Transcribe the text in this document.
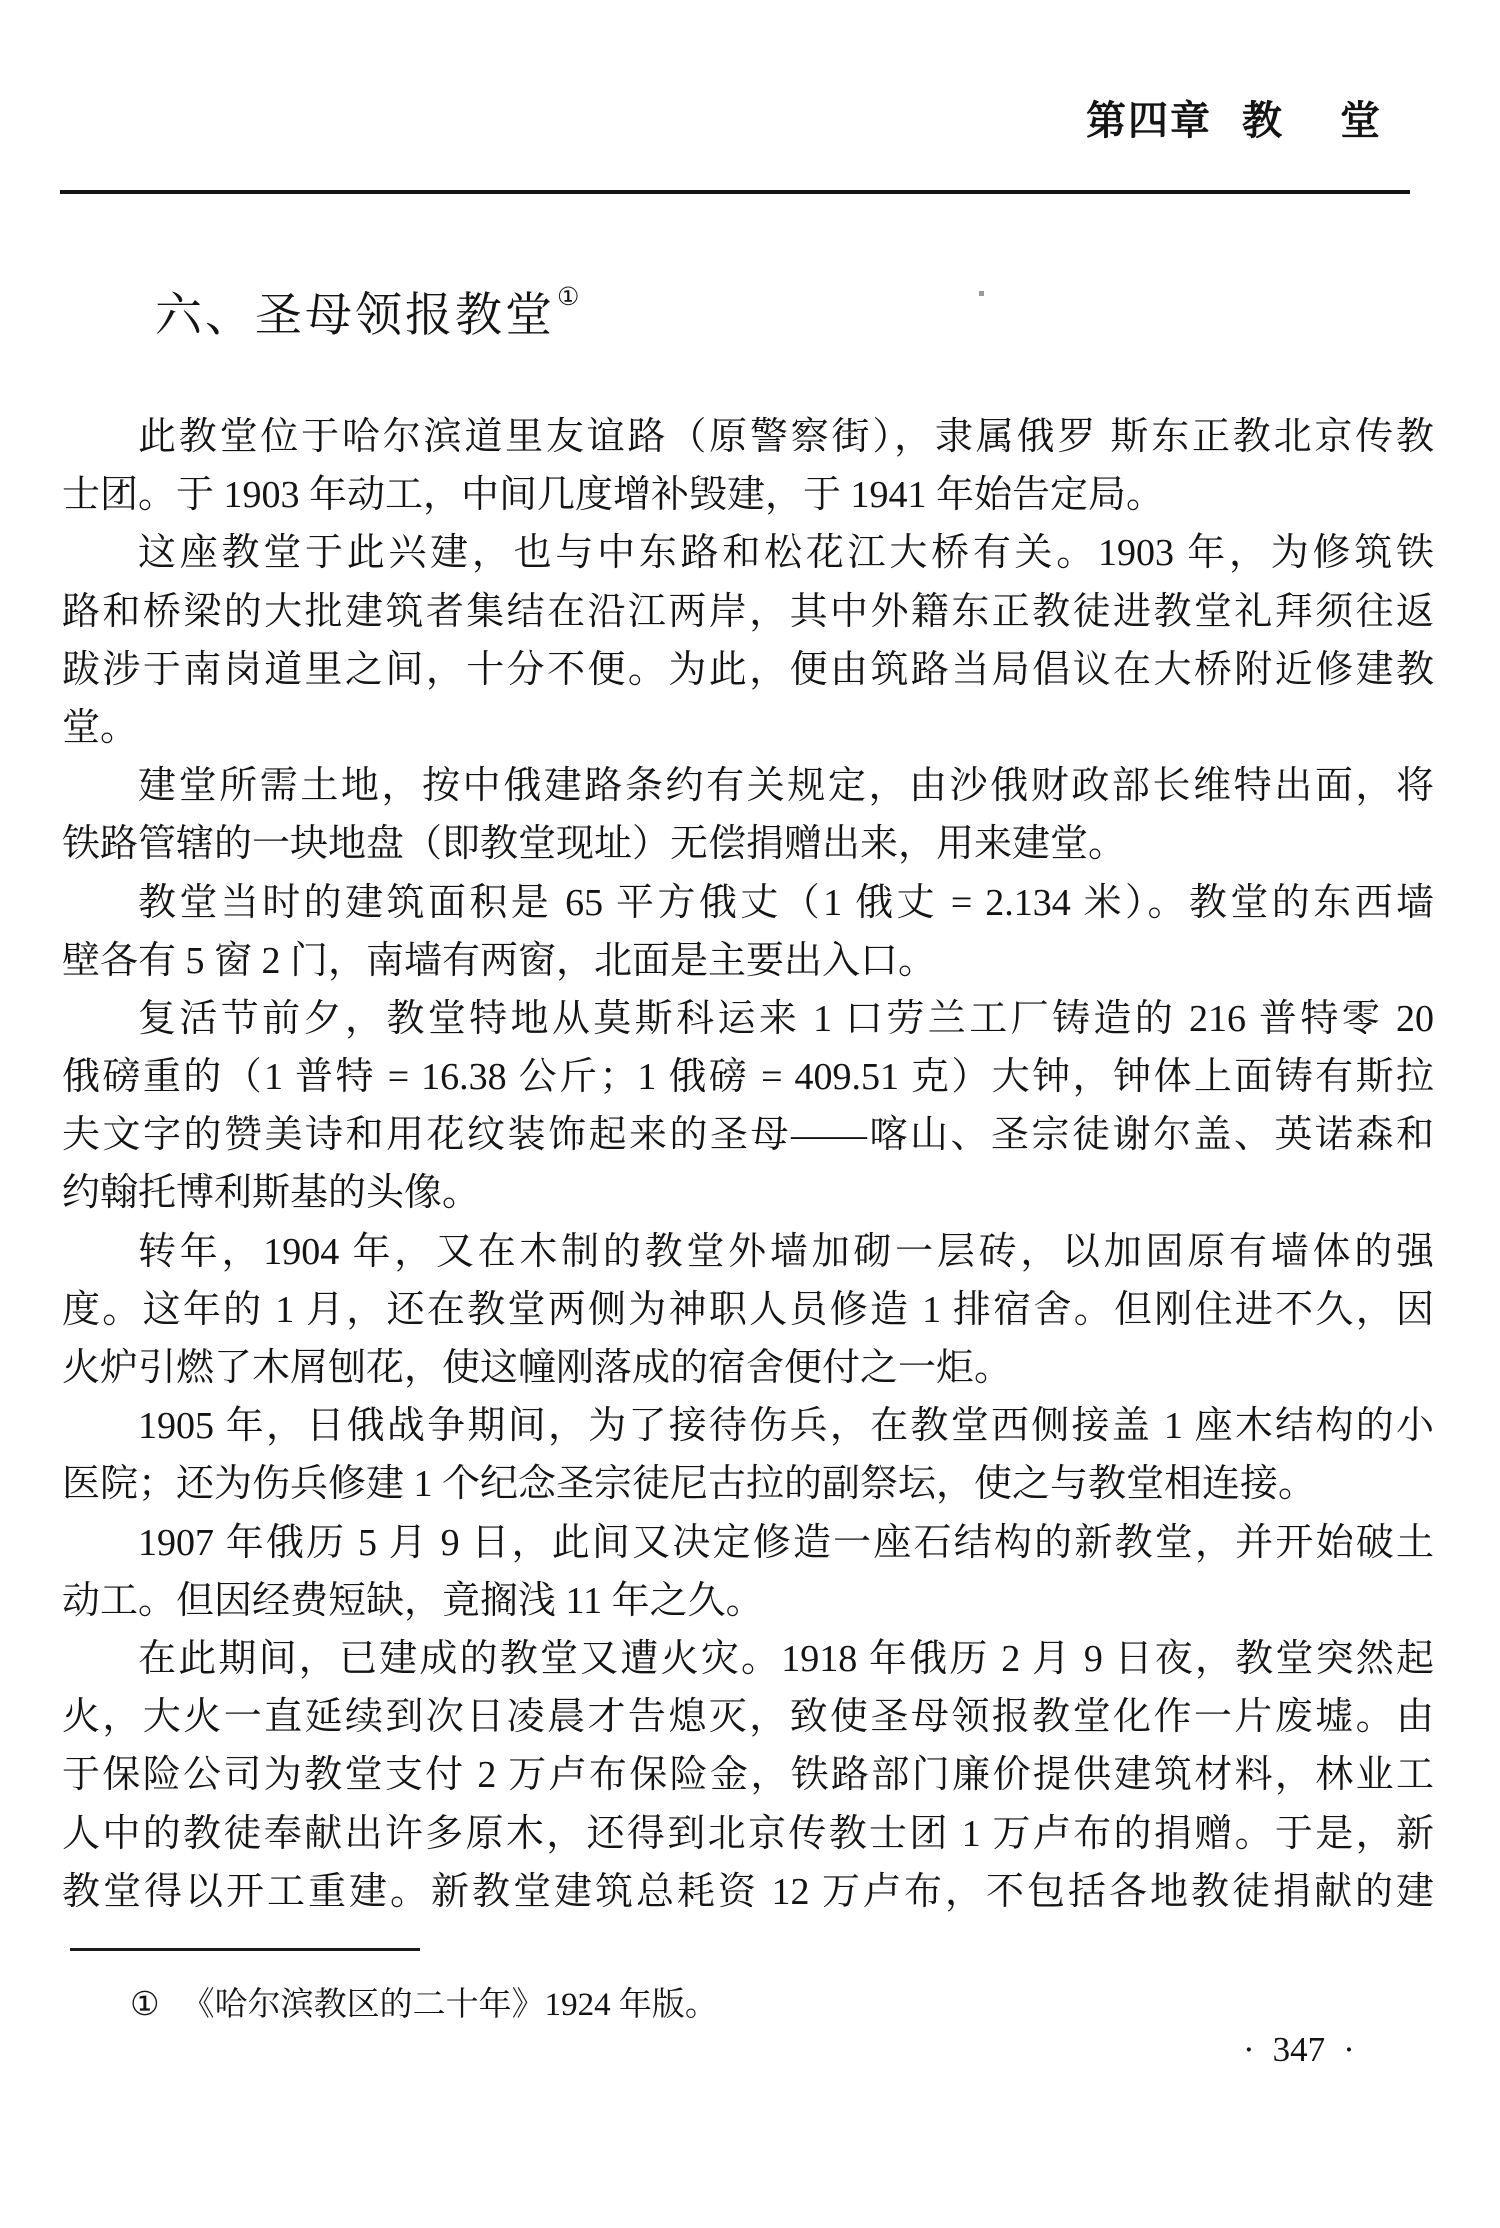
第四章 教 堂
六、圣母领报教堂①
此教堂位于哈尔滨道里友谊路（原警察街），隶属俄罗 斯东正教北京传教
士团。于 1903 年动工，中间几度增补毁建，于 1941 年始告定局。
这座教堂于此兴建，也与中东路和松花江大桥有关。1903 年，为修筑铁
路和桥梁的大批建筑者集结在沿江两岸，其中外籍东正教徒进教堂礼拜须往返
跋涉于南岗道里之间，十分不便。为此，便由筑路当局倡议在大桥附近修建教
堂。
建堂所需土地，按中俄建路条约有关规定，由沙俄财政部长维特出面，将
铁路管辖的一块地盘（即教堂现址）无偿捐赠出来，用来建堂。
教堂当时的建筑面积是 65 平方俄丈（1 俄丈 = 2.134 米）。教堂的东西墙
壁各有 5 窗 2 门，南墙有两窗，北面是主要出入口。
复活节前夕，教堂特地从莫斯科运来 1 口劳兰工厂铸造的 216 普特零 20
俄磅重的（1 普特 = 16.38 公斤；1 俄磅 = 409.51 克）大钟，钟体上面铸有斯拉
夫文字的赞美诗和用花纹装饰起来的圣母——喀山、圣宗徒谢尔盖、英诺森和
约翰托博利斯基的头像。
转年，1904 年，又在木制的教堂外墙加砌一层砖，以加固原有墙体的强
度。这年的 1 月，还在教堂两侧为神职人员修造 1 排宿舍。但刚住进不久，因
火炉引燃了木屑刨花，使这幢刚落成的宿舍便付之一炬。
1905 年，日俄战争期间，为了接待伤兵，在教堂西侧接盖 1 座木结构的小
医院；还为伤兵修建 1 个纪念圣宗徒尼古拉的副祭坛，使之与教堂相连接。
1907 年俄历 5 月 9 日，此间又决定修造一座石结构的新教堂，并开始破土
动工。但因经费短缺，竟搁浅 11 年之久。
在此期间，已建成的教堂又遭火灾。1918 年俄历 2 月 9 日夜，教堂突然起
火，大火一直延续到次日凌晨才告熄灭，致使圣母领报教堂化作一片废墟。由
于保险公司为教堂支付 2 万卢布保险金，铁路部门廉价提供建筑材料，林业工
人中的教徒奉献出许多原木，还得到北京传教士团 1 万卢布的捐赠。于是，新
教堂得以开工重建。新教堂建筑总耗资 12 万卢布，不包括各地教徒捐献的建
① 《哈尔滨教区的二十年》1924 年版。
· 347 ·
